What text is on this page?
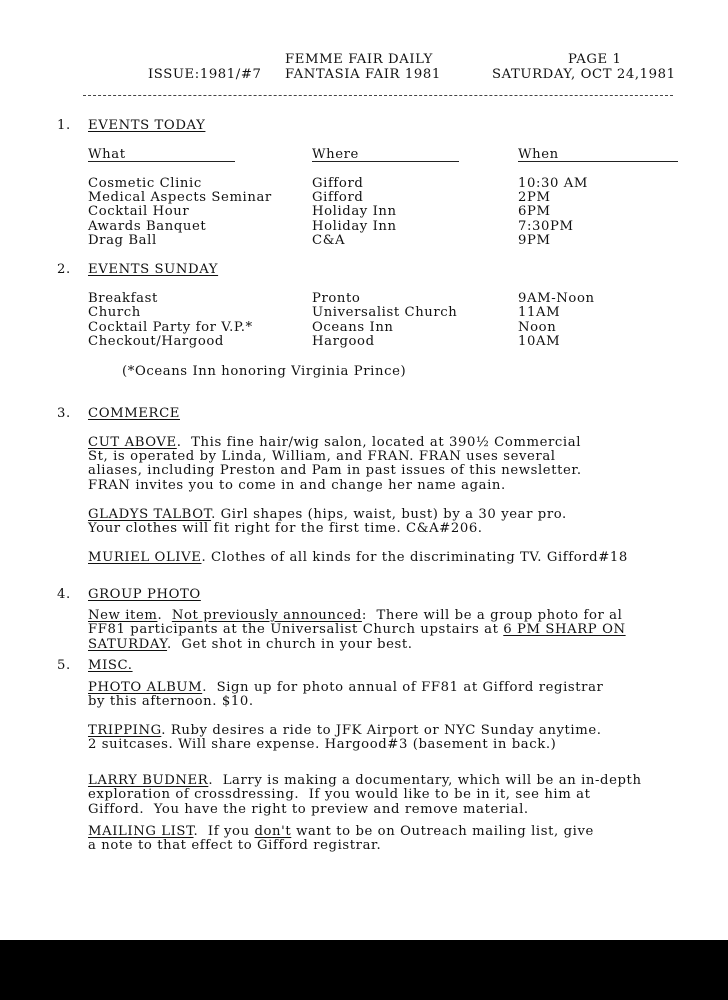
FEMME FAIR DAILY	PAGE 1
ISSUE:1981/#7 FANTASIA FAIR 1981	SATURDAY, OCT 24,1981
1. EVENTS TODAY
What	Where	When
Cosmetic Clinic	Gifford	10:30 AM
Medical Aspects Seminar	Gifford	2PM
Cocktail Hour	Holiday Inn	6PM
Awards Banquet	Holiday Inn	7:30PM
Drag Ball	C&A	9PM
2. EVENTS SUNDAY
Breakfast	Pronto	9AM-Noon
Church	Universalist Church	11AM
Cocktail Party for V.P.*	Oceans Inn	Noon
Checkout/Hargood	Hargood	10AM
(*Oceans Inn honoring Virginia Prince)
3. COMMERCE
CUT ABOVE.  This fine hair/wig salon, located at 390½ Commercial
St, is operated by Linda, William, and FRAN. FRAN uses several
aliases, including Preston and Pam in past issues of this newsletter.
FRAN invites you to come in and change her name again.
GLADYS TALBOT. Girl shapes (hips, waist, bust) by a 30 year pro.
Your clothes will fit right for the first time. C&A#206.
MURIEL OLIVE. Clothes of all kinds for the discriminating TV. Gifford#18
4. GROUP PHOTO
New item.  Not previously announced:  There will be a group photo for al
FF81 participants at the Universalist Church upstairs at 6 PM SHARP ON
SATURDAY.  Get shot in church in your best.
5. MISC.
PHOTO ALBUM.  Sign up for photo annual of FF81 at Gifford registrar
by this afternoon. $10.
TRIPPING. Ruby desires a ride to JFK Airport or NYC Sunday anytime.
2 suitcases. Will share expense. Hargood#3 (basement in back.)
LARRY BUDNER.  Larry is making a documentary, which will be an in-depth
exploration of crossdressing.  If you would like to be in it, see him at
Gifford.  You have the right to preview and remove material.
MAILING LIST.  If you don't want to be on Outreach mailing list, give
a note to that effect to Gifford registrar.
